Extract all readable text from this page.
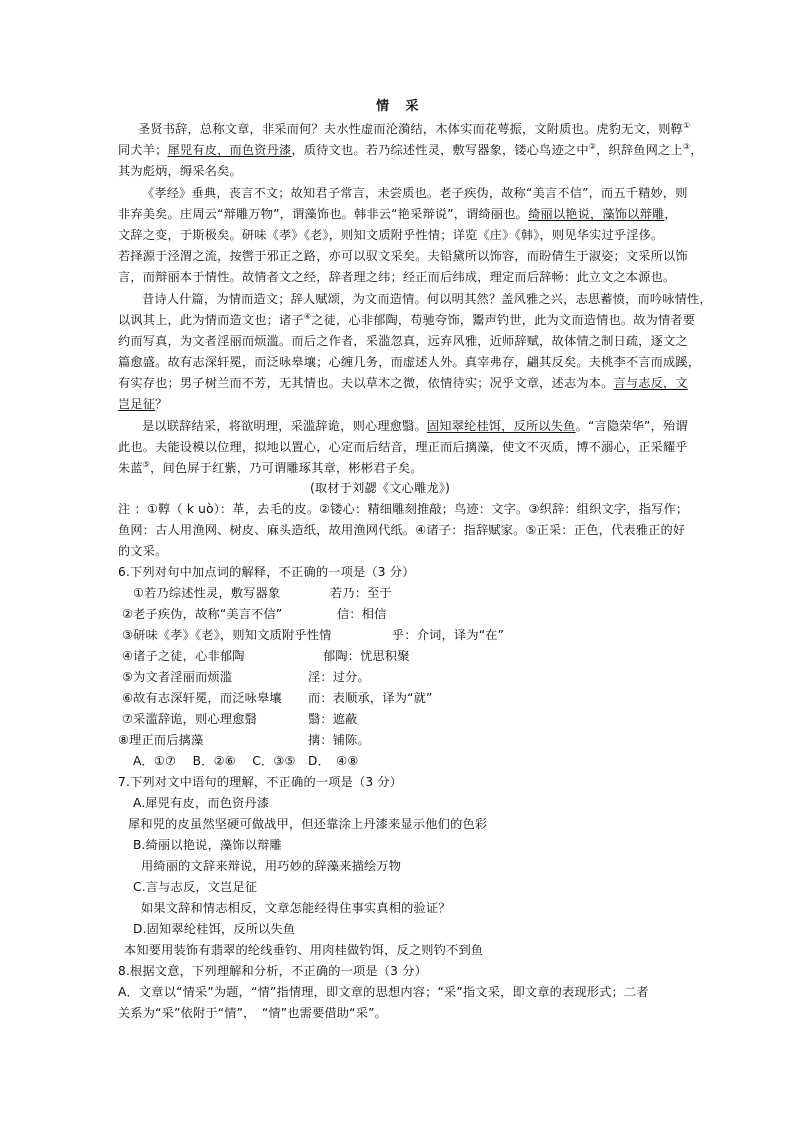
情 采
圣贤书辞，总称文章，非采而何？夫水性虚而沦漪结，木体实而花萼振，文附质也。虎豹无文，则鞟①
同犬羊；犀兕有皮，而色资丹漆，质待文也。若乃综述性灵，敷写器象，镂心鸟迹之中②，织辞鱼网之上③，
其为彪炳，缛采名矣。
《孝经》垂典，丧言不文；故知君子常言，未尝质也。老子疾伪，故称“美言不信”，而五千精妙，则
非弃美矣。庄周云“辩雕万物”，谓藻饰也。韩非云“艳采辩说”，谓绮丽也。绮丽以艳说，藻饰以辩雕，
文辞之变，于斯极矣。研味《孝》《老》，则知文质附乎性情；详览《庄》《韩》，则见华实过乎淫侈。
若择源于泾渭之流，按辔于邪正之路，亦可以驭文采矣。夫铅黛所以饰容，而盼倩生于淑姿；文采所以饰
言，而辩丽本于情性。故情者文之经，辞者理之纬；经正而后纬成，理定而后辞畅：此立文之本源也。
昔诗人什篇，为情而造文；辞人赋颂，为文而造情。何以明其然？盖风雅之兴，志思蓄愤，而吟咏情性，
以讽其上，此为情而造文也；诸子④之徒，心非郁陶，苟驰夸饰，鬻声钓世，此为文而造情也。故为情者要
约而写真，为文者淫丽而烦滥。而后之作者，采滥忽真，远弃风雅，近师辞赋，故体情之制日疏，逐文之
篇愈盛。故有志深轩冕，而泛咏皋壤；心缠几务，而虚述人外。真宰弗存，翩其反矣。夫桃李不言而成蹊，
有实存也；男子树兰而不芳，无其情也。夫以草木之微，依情待实；况乎文章，述志为本。言与志反，文
岂足征？
是以联辞结采，将欲明理，采滥辞诡，则心理愈翳。固知翠纶桂饵，反所以失鱼。“言隐荣华”，殆谓
此也。夫能设模以位理，拟地以置心，心定而后结音，理正而后摛藻，使文不灭质，博不溺心，正采耀乎
朱蓝⑤，间色屏于红紫，乃可谓雕琢其章，彬彬君子矣。
(取材于刘勰《文心雕龙》)
注 ：①鞟（ k uò）：革，去毛的皮。②镂心：精细雕刻推敲；鸟迹：文字。③织辞：组织文字，指写作；
鱼网：古人用渔网、树皮、麻头造纸，故用渔网代纸。④诸子：指辞赋家。⑤正采：正色，代表雅正的好
的文采。
6.下列对句中加点词的解释，不正确的一项是（3 分）
①若乃综述性灵，敷写器象	若乃：至于
②老子疾伪，故称“美言不信”	信：相信
③研味《孝》《老》，则知文质附乎性情	乎：介词，译为“在”
④诸子之徒，心非郁陶	郁陶：忧思积聚
⑤为文者淫丽而烦滥	淫：过分。
⑥故有志深轩冕，而泛咏皋壤 而：表顺承，译为“就”
⑦采滥辞诡，则心理愈翳	翳：遮蔽
⑧理正而后摛藻	摛：铺陈。
A．①⑦　 B．②⑥　 C．③⑤　D．　④⑧
7.下列对文中语句的理解，不正确的一项是（3 分）
A.犀兕有皮，而色资丹漆
犀和兕的皮虽然坚硬可做战甲，但还靠涂上丹漆来显示他们的色彩
B.绮丽以艳说，藻饰以辩雕
用绮丽的文辞来辩说，用巧妙的辞藻来描绘万物
C.言与志反，文岂足征
如果文辞和情志相反，文章怎能经得住事实真相的验证？
D.固知翠纶桂饵，反所以失鱼
本知要用装饰有翡翠的纶线垂钓、用肉桂做钓饵，反之则钓不到鱼
8.根据文意，下列理解和分析，不正确的一项是（3 分）
A．文章以“情采”为题，“情”指情理，即文章的思想内容；“采”指文采，即文章的表现形式；二者
关系为“采”依附于“情”，　“情”也需要借助“采”。
